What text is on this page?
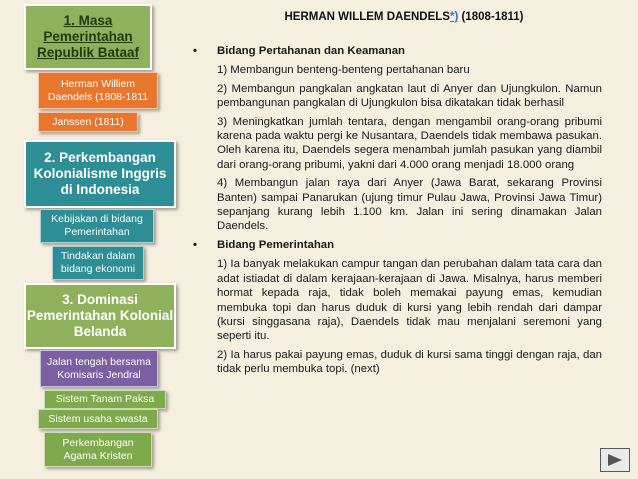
1. Masa Pemerintahan Republik Bataaf
Herman Williem Daendels (1808-1811
Janssen (1811)
2. Perkembangan Kolonialisme Inggris di Indonesia
Kebijakan di bidang Pemerintahan
Tindakan dalam bidang ekonomi
3. Dominasi Pemerintahan Kolonial Belanda
Jalan tengah bersama Komisaris Jendral
Sistem Tanam Paksa
Sistem usaha swasta
Perkembangan Agama Kristen
HERMAN WILLEM DAENDELS*) (1808-1811)
• Bidang Pertahanan dan Keamanan
1) Membangun benteng-benteng pertahanan baru
2) Membangun pangkalan angkatan laut di Anyer dan Ujungkulon. Namun pembangunan pangkalan di Ujungkulon bisa dikatakan tidak berhasil
3) Meningkatkan jumlah tentara, dengan mengambil orang-orang pribumi karena pada waktu pergi ke Nusantara, Daendels tidak membawa pasukan. Oleh karena itu, Daendels segera menambah jumlah pasukan yang diambil dari orang-orang pribumi, yakni dari 4.000 orang menjadi 18.000 orang
4) Membangun jalan raya dari Anyer (Jawa Barat, sekarang Provinsi Banten) sampai Panarukan (ujung timur Pulau Jawa, Provinsi Jawa Timur) sepanjang kurang lebih 1.100 km. Jalan ini sering dinamakan Jalan Daendels.
• Bidang Pemerintahan
1) Ia banyak melakukan campur tangan dan perubahan dalam tata cara dan adat istiadat di dalam kerajaan-kerajaan di Jawa. Misalnya, harus memberi hormat kepada raja, tidak boleh memakai payung emas, kemudian membuka topi dan harus duduk di kursi yang lebih rendah dari dampar (kursi singgasana raja), Daendels tidak mau menjalani seremoni yang seperti itu.
2) Ia harus pakai payung emas, duduk di kursi sama tinggi dengan raja, dan tidak perlu membuka topi. (next)
